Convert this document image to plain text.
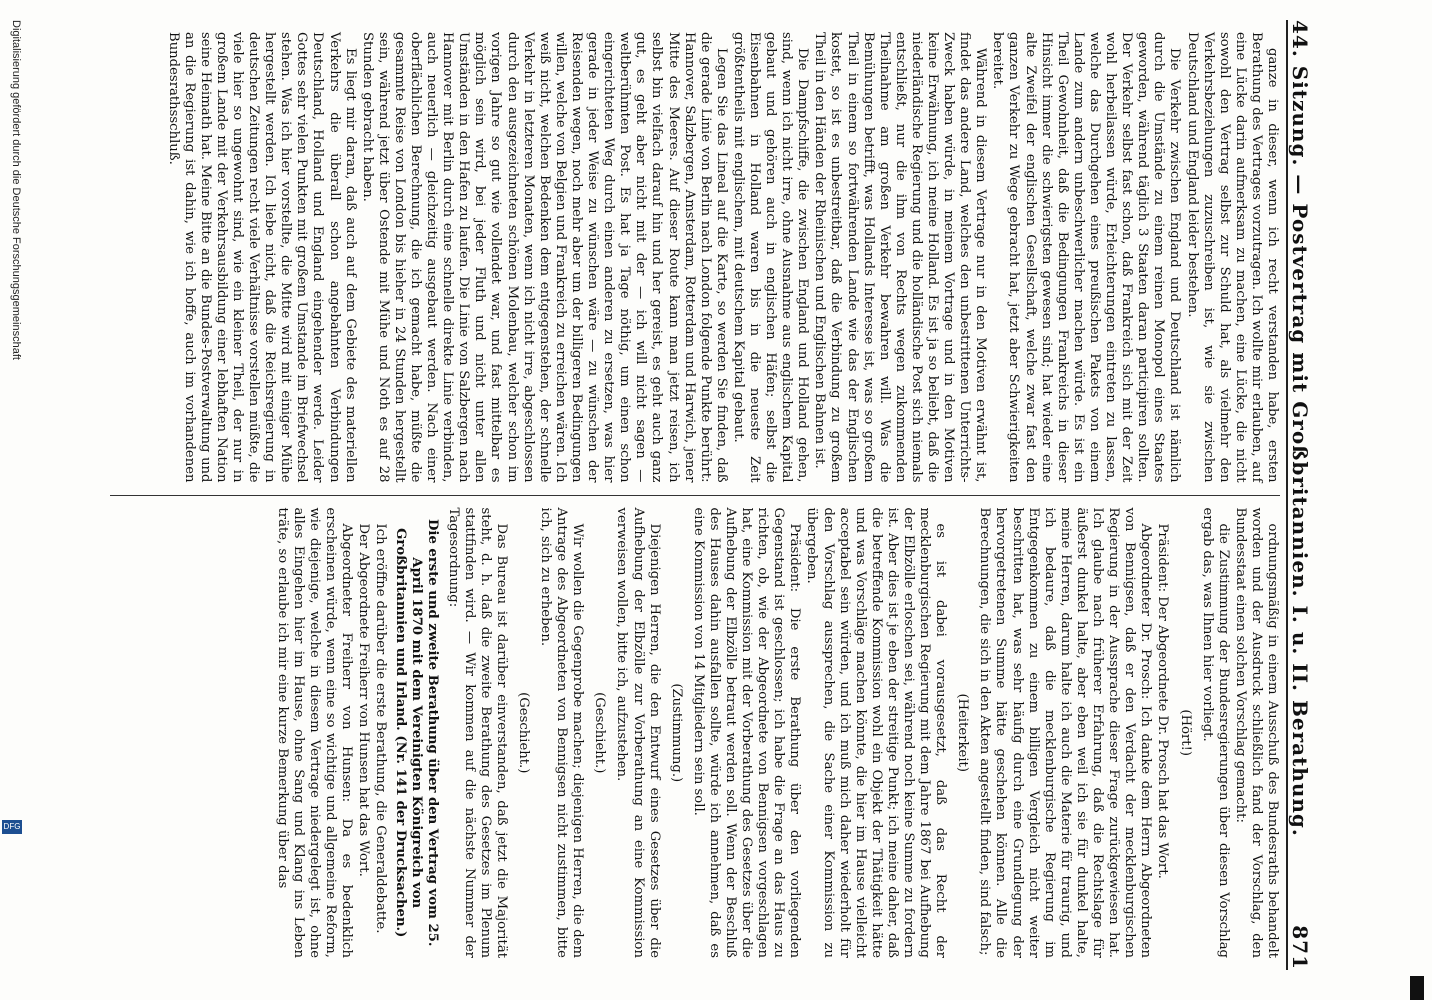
44. Sitzung. — Postvertrag mit Großbritannien. I. u. II. Berathung.
871

ordnungsmäßig in einem Ausschuß des Bundesraths behandelt worden und der Ausdruck schließlich fand der Vorschlag, den Bundesstaat einen solchen Vorschlag gemacht:

die Zustimmung der Bundesregierungen über diesen Vorschlag ergab das, was Ihnen hier vorliegt.

(Hört!)

Präsident: Der Abgeordnete Dr. Prosch hat das Wort.

Abgeordneter Dr. Prosch: Ich danke dem Herrn Abgeordneten von Bennigsen, daß er den Verdacht der mecklenburgischen Regierung in der Aussprache dieser Frage zurückgewiesen hat. Ich glaube nach früherer Erfahrung, daß die Rechtslage für äußerst dunkel halte, aber eben weil ich sie für dunkel halte, meine Herren, darum halte ich auch die Materie für traurig, und ich bedaure, daß die mecklenburgische Regierung im Entgegenkommen zu einem billigen Vergleich nicht weiter beschritten hat, was sehr häufig durch eine Grundlegung der hervorgetretenen Summe hätte geschehen können. Alle die Berechnungen, die sich in den Akten angestellt finden, sind falsch;

(Heiterkeit)

es ist dabei vorausgesetzt, daß das Recht der mecklenburgischen Regierung mit dem Jahre 1867 bei Aufhebung der Elbzölle erloschen sei, während noch keine Summe zu fordern ist. Aber dies ist je eben der streitige Punkt; ich meine daher, daß die betreffende Kommission wohl ein Objekt der Thätigkeit hätte und was Vorschläge machen könnte, die hier im Hause vielleicht acceptabel sein würden, und ich muß mich daher wiederholt für den Vorschlag aussprechen, die Sache einer Kommission zu übergeben.

Präsident: Die erste Berathung über den vorliegenden Gegenstand ist geschlossen; ich habe die Frage an das Haus zu richten, ob, wie der Abgeordnete von Bennigsen vorgeschlagen hat, eine Kommission mit der Vorberathung des Gesetzes über die Aufhebung der Elbzölle betraut werden soll. Wenn der Beschluß des Hauses dahin ausfallen sollte, würde ich annehmen, daß es eine Kommission von 14 Mitgliedern sein soll.

(Zustimmung.)

Diejenigen Herren, die den Entwurf eines Gesetzes über die Aufhebung der Elbzölle zur Vorberathung an eine Kommission verweisen wollen, bitte ich, aufzustehen.

(Geschieht.)

Wir wollen die Gegenprobe machen; diejenigen Herren, die dem Antrage des Abgeordneten von Bennigsen nicht zustimmen, bitte ich, sich zu erheben.

(Geschieht.)

Das Bureau ist darüber einverstanden, daß jetzt die Majorität steht, d. h. daß die zweite Berathung des Gesetzes im Plenum stattfinden wird. — Wir kommen auf die nächste Nummer der Tagesordnung:

Die erste und zweite Berathung über den Vertrag vom 25. April 1870 mit dem Vereinigten Königreich von Großbritannien und Irland. (Nr. 141 der Drucksachen.)

Ich eröffne darüber die erste Berathung, die Generaldebatte.

Der Abgeordnete Freiherr von Hunsen hat das Wort.

Abgeordneter Freiherr von Hunsen: Da es bedenklich erscheinen würde, wenn eine so wichtige und allgemeine Reform, wie diejenige, welche in diesem Vertrage niedergelegt ist, ohne alles Eingehen hier im Hause, ohne Sang und Klang ins Leben träte, so erlaube ich mir eine kurze Bemerkung über das

ganze in dieser, wenn ich recht verstanden habe, ersten Berathung des Vertrages vorzutragen. Ich wollte mir erlauben, auf eine Lücke darin aufmerksam zu machen, eine Lücke, die nicht sowohl den Vertrag selbst zur Schuld hat, als vielmehr den Verkehrsbeziehungen zuzuschreiben ist, wie sie zwischen Deutschland und England leider bestehen.

Die Verkehr zwischen England und Deutschland ist nämlich durch die Umstände zu einem reinen Monopol eines Staates geworden, während täglich 3 Staaten daran participiren sollten. Der Verkehr selbst fast schon, daß Frankreich sich mit der Zeit wohl herbeilassen würde, Erleichterungen eintreten zu lassen, welche das Durchgehen eines preußischen Pakets von einem Lande zum andern unbeschwerlicher machen würde. Es ist ein Theil Gewohnheit, daß die Bedingungen Frankreichs in dieser Hinsicht immer die schwierigsten gewesen sind; hat wieder eine alte Zweifel der englischen Gesellschaft, welche zwar fast den ganzen Verkehr zu Wege gebracht hat, jetzt aber Schwierigkeiten bereitet.

Während in diesem Vertrage nur in den Motiven erwähnt ist, findet das andere Land, welches den unbestrittenen Unterrichts-Zweck haben würde, in meinem Vortrage und in den Motiven keine Erwähnung, ich meine Holland. Es ist ja so beliebt, daß die niederländische Regierung und die holländische Post sich niemals entschließt, nur die ihm von Rechts wegen zukommenden Theilnahme am großen Verkehr bewahren will. Was die Bemühungen betrifft, was Hollands Interesse ist, was so großem Theil in einem so fortwährenden Lande wie das der Englischen kostet, so ist es unbestreitbar, daß die Verbindung zu großem Theil in den Händen der Rheinischen und Englischen Bahnen ist.

Die Dampfschiffe, die zwischen England und Holland gehen, sind, wenn ich nicht irre, ohne Ausnahme aus englischem Kapital gebaut und gehören auch in englischen Häfen; selbst die Eisenbahnen in Holland waren bis in die neueste Zeit größtentheils mit englischem, mit deutschem Kapital gebaut.

Legen Sie das Lineal auf die Karte, so werden Sie finden, daß die gerade Linie von Berlin nach London folgende Punkte berührt: Hannover, Salzbergen, Amsterdam, Rotterdam und Harwich, jener Mitte des Meeres. Auf dieser Route kann man jetzt reisen, ich selbst bin vielfach darauf hin und her gereist, es geht auch ganz gut, es geht aber nicht mit der — ich will nicht sagen — weltberühmten Post. Es hat ja Tage nöthig, um einen schon eingerichteten Weg durch einen anderen zu ersetzen, was hier gerade in jeder Weise zu wünschen wäre — zu wünschen der Reisenden wegen, noch mehr aber um der billigeren Bedingungen willen, welche von Belgien und Frankreich zu erreichen wären. Ich weiß nicht, welchen Bedenken dem entgegenstehen, der schnelle Verkehr in letzteren Monaten, wenn ich nicht irre, abgeschlossen durch den ausgezeichneten schönen Molenbau, welcher schon im vorigen Jahre so gut wie vollendet war, und fast mittelbar es möglich sein wird, bei jeder Fluth und nicht unter allen Umständen in den Hafen zu laufen. Die Linie von Salzbergen nach Hannover mit Berlin durch eine schnelle direkte Linie verbinden, auch neuerlich — gleichzeitig ausgebaut werden. Nach einer oberflächlichen Berechnung, die ich gemacht habe, müßte die gesammte Reise von London bis hieher in 24 Stunden hergestellt sein, während jetzt über Ostende mit Mühe und Noth es auf 28 Stunden gebracht haben.

Es liegt mir daran, daß auch auf dem Gebiete des materiellen Verkehrs die überall schon angebahnten Verbindungen Deutschland, Holland und England eingehender werde. Leider Gottes sehr vielen Punkten mit großem Umstande im Briefwechsel stehen. Was ich hier vorstellte, die Mitte wird mit einiger Mühe hergestellt werden. Ich liebe nicht, daß die Reichsregierung in deutschen Zeitungen recht viele Verhältnisse vorstellen müßte, die viele hier so ungewohnt sind, wie ein kleiner Theil, der nur in großem Lande mit der Verkehrsausbildung einer lebhaften Nation seine Heimath hat. Meine Bitte an die Bundes-Postverwaltung und an die Regierung ist dahin, wie ich hoffe, auch im vorhandenen Bundesrathsschluß.

Digitalisierung gefördert durch die Deutsche Forschungsgemeinschaft
DFG
